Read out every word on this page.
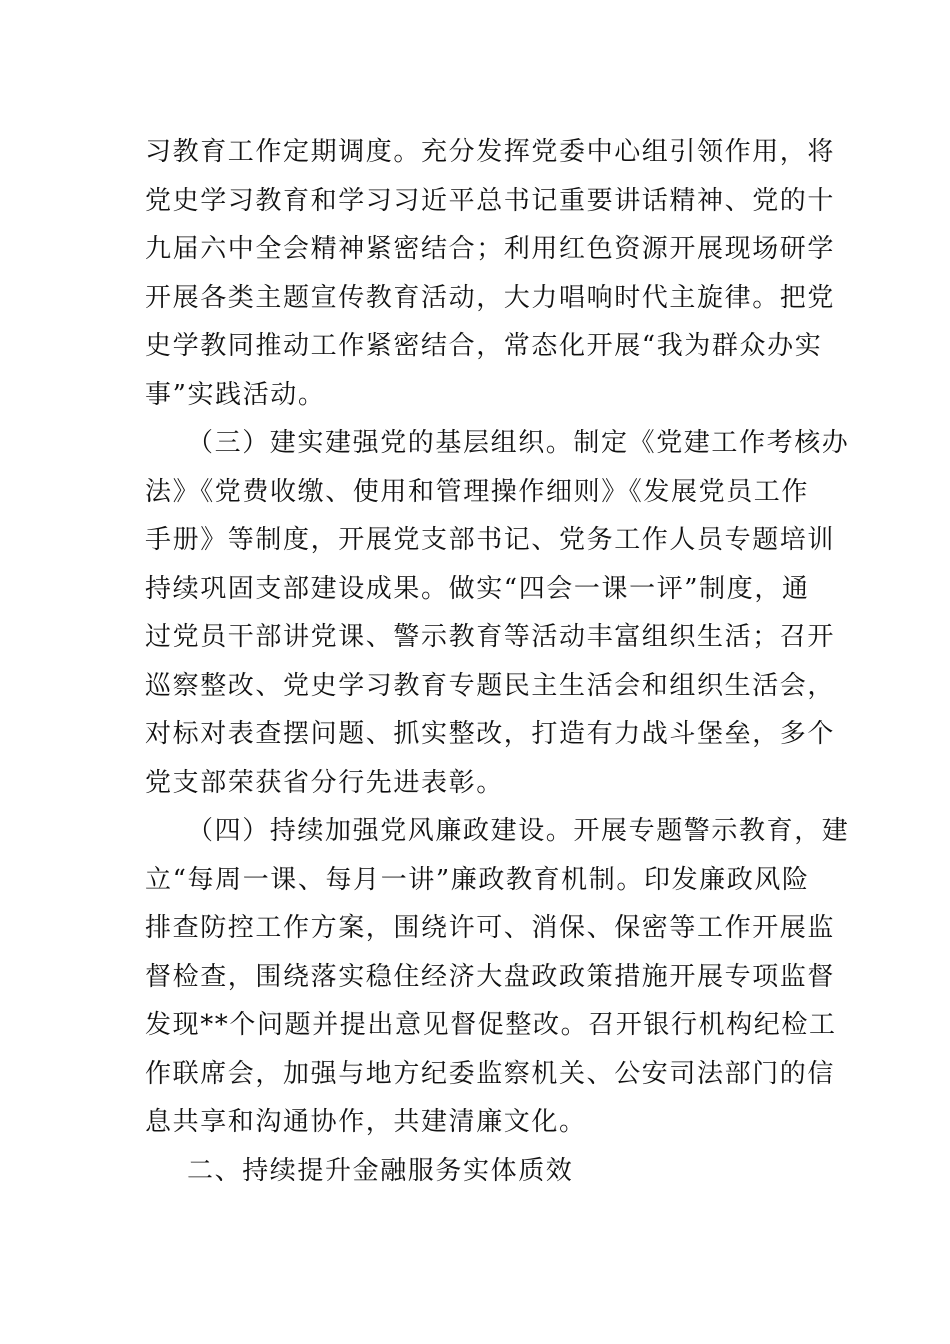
习教育工作定期调度。充分发挥党委中心组引领作用，将
党史学习教育和学习习近平总书记重要讲话精神、党的十
九届六中全会精神紧密结合；利用红色资源开展现场研学
开展各类主题宣传教育活动，大力唱响时代主旋律。把党
史学教同推动工作紧密结合，常态化开展“我为群众办实
事”实践活动。
（三）建实建强党的基层组织。制定《党建工作考核办
法》《党费收缴、使用和管理操作细则》《发展党员工作
手册》等制度，开展党支部书记、党务工作人员专题培训
持续巩固支部建设成果。做实“四会一课一评”制度，通
过党员干部讲党课、警示教育等活动丰富组织生活；召开
巡察整改、党史学习教育专题民主生活会和组织生活会，
对标对表查摆问题、抓实整改，打造有力战斗堡垒，多个
党支部荣获省分行先进表彰。
（四）持续加强党风廉政建设。开展专题警示教育，建
立“每周一课、每月一讲”廉政教育机制。印发廉政风险
排查防控工作方案，围绕许可、消保、保密等工作开展监
督检查，围绕落实稳住经济大盘政政策措施开展专项监督
发现**个问题并提出意见督促整改。召开银行机构纪检工
作联席会，加强与地方纪委监察机关、公安司法部门的信
息共享和沟通协作，共建清廉文化。
二、持续提升金融服务实体质效
